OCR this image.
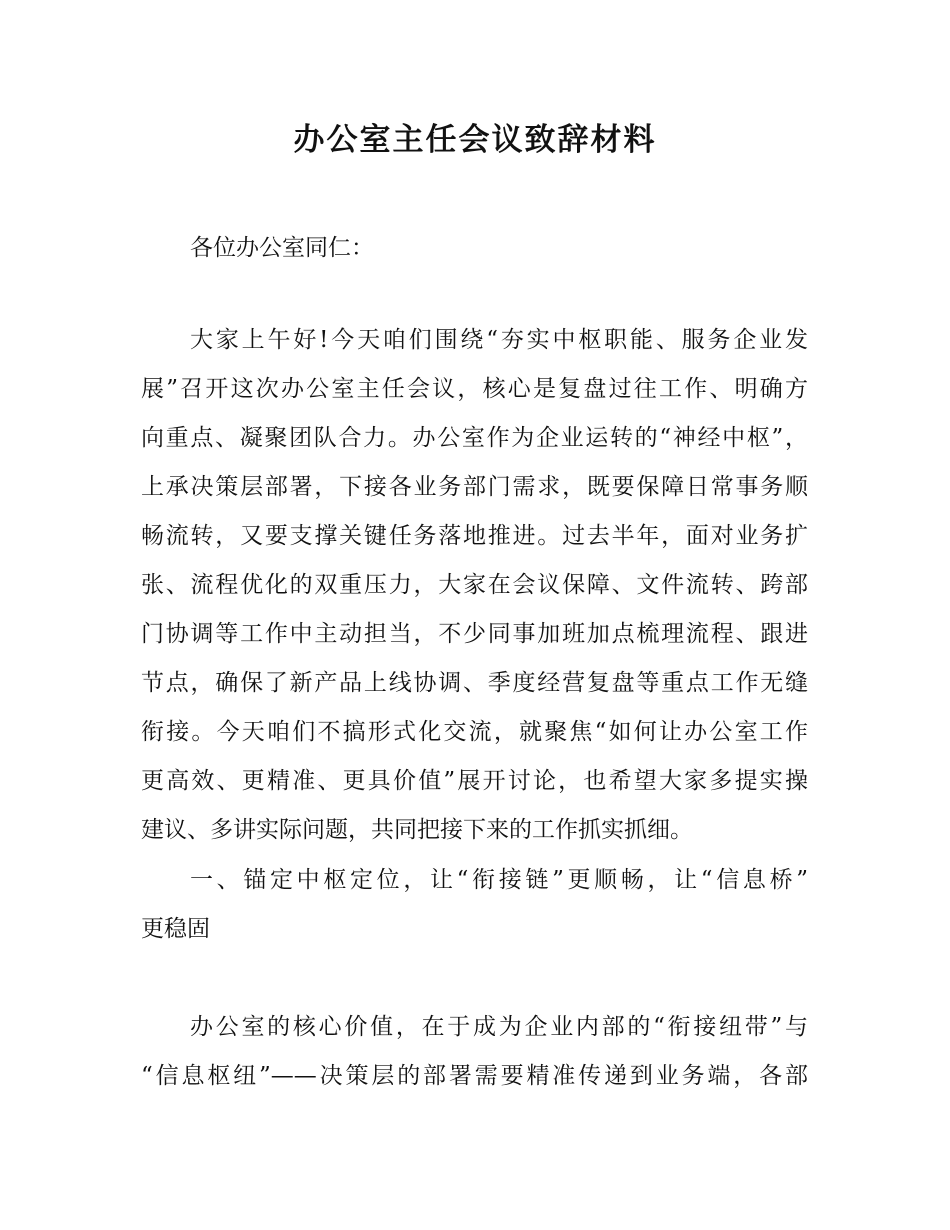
办公室主任会议致辞材料
各位办公室同仁：
大家上午好!今天咱们围绕“夯实中枢职能、服务企业发
展”召开这次办公室主任会议，核心是复盘过往工作、明确方
向重点、凝聚团队合力。办公室作为企业运转的“神经中枢”，
上承决策层部署，下接各业务部门需求，既要保障日常事务顺
畅流转，又要支撑关键任务落地推进。过去半年，面对业务扩
张、流程优化的双重压力，大家在会议保障、文件流转、跨部
门协调等工作中主动担当，不少同事加班加点梳理流程、跟进
节点，确保了新产品上线协调、季度经营复盘等重点工作无缝
衔接。今天咱们不搞形式化交流，就聚焦“如何让办公室工作
更高效、更精准、更具价值”展开讨论，也希望大家多提实操
建议、多讲实际问题，共同把接下来的工作抓实抓细。
一、锚定中枢定位，让“衔接链”更顺畅，让“信息桥”
更稳固
办公室的核心价值，在于成为企业内部的“衔接纽带”与
“信息枢纽”——决策层的部署需要精准传递到业务端，各部
